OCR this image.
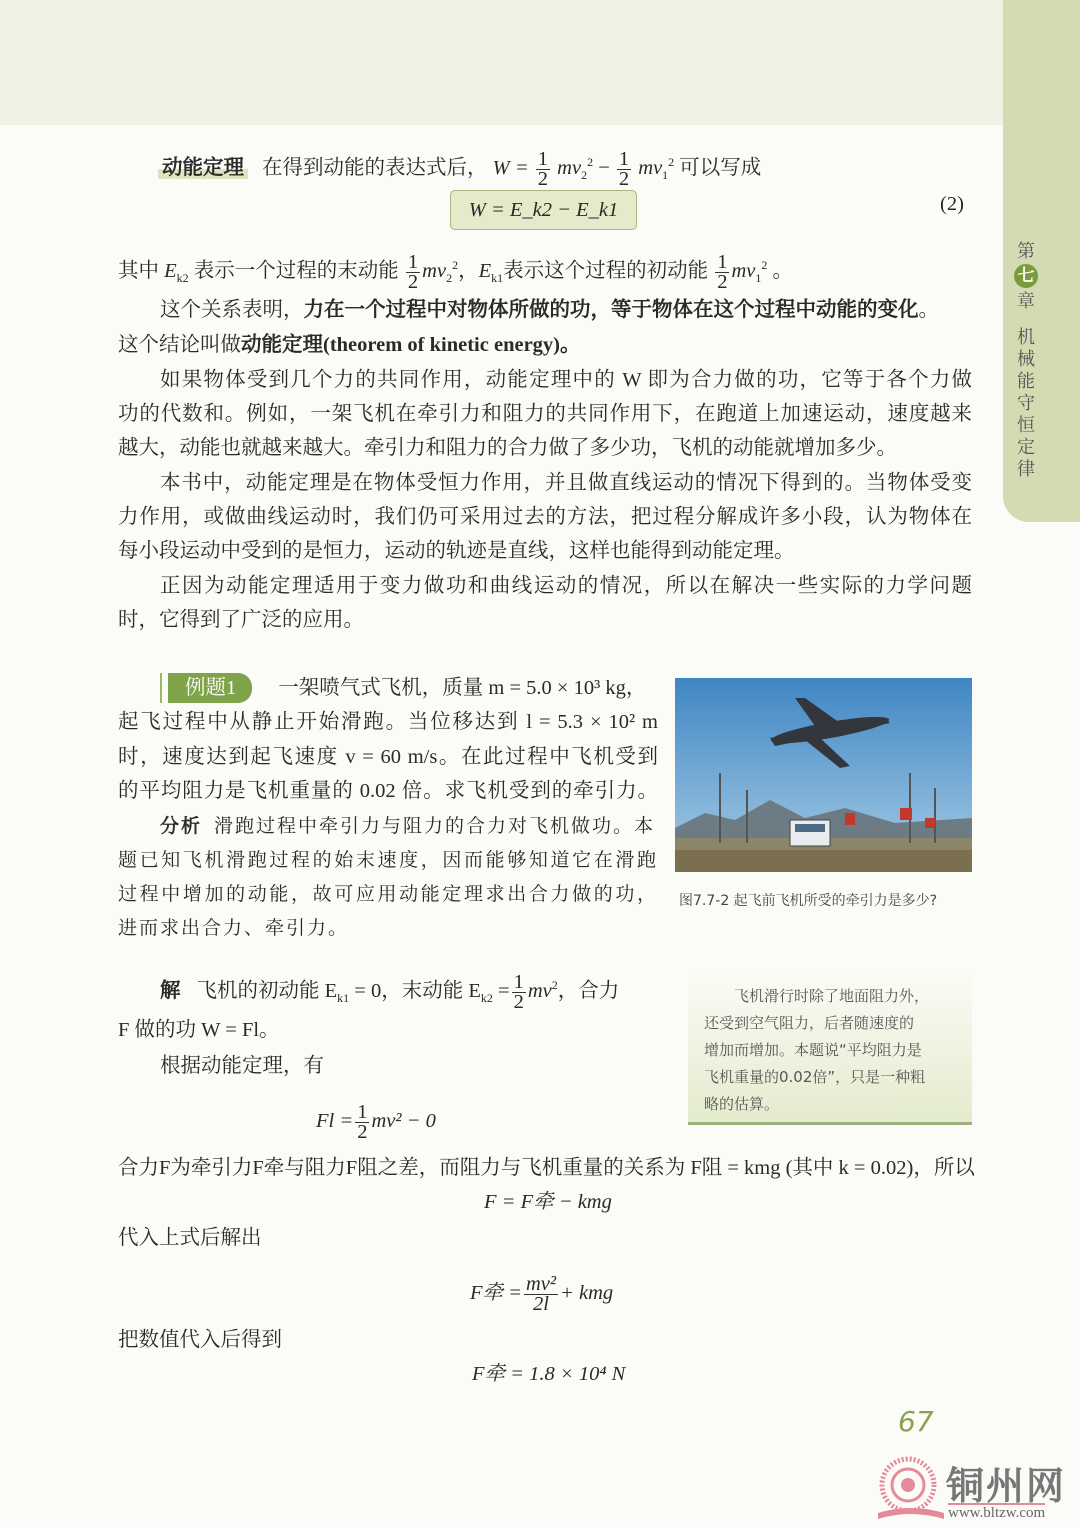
第
七
章
机械能守恒定律
动能定理 在得到动能的表达式后， $W = \frac{1}{2} mv_2^2 - \frac{1}{2} mv_1^2$ 可以写成
W = E_k2 − E_k1	(2)
其中 $E_{k2}$ 表示一个过程的末动能 $\frac{1}{2} mv_2^2$，$E_{k1}$表示这个过程的初动能 $\frac{1}{2} mv_1^2$ 。
这个关系表明，力在一个过程中对物体所做的功，等于物体在这个过程中动能的变化。
这个结论叫做动能定理(theorem of kinetic energy)。
如果物体受到几个力的共同作用，动能定理中的 W 即为合力做的功，它等于各个力做
功的代数和。例如，一架飞机在牵引力和阻力的共同作用下，在跑道上加速运动，速度越来
越大，动能也就越来越大。牵引力和阻力的合力做了多少功，飞机的动能就增加多少。
本书中，动能定理是在物体受恒力作用，并且做直线运动的情况下得到的。当物体受变
力作用，或做曲线运动时，我们仍可采用过去的方法，把过程分解成许多小段，认为物体在
每小段运动中受到的是恒力，运动的轨迹是直线，这样也能得到动能定理。
正因为动能定理适用于变力做功和曲线运动的情况，所以在解决一些实际的力学问题
时，它得到了广泛的应用。
例题1 一架喷气式飞机，质量 m = 5.0 × 10³ kg，
起飞过程中从静止开始滑跑。当位移达到 l = 5.3 × 10² m
时，速度达到起飞速度 v = 60 m/s。在此过程中飞机受到
的平均阻力是飞机重量的 0.02 倍。求飞机受到的牵引力。
分析 滑跑过程中牵引力与阻力的合力对飞机做功。本
题已知飞机滑跑过程的始末速度，因而能够知道它在滑跑
过程中增加的动能，故可应用动能定理求出合力做的功，
进而求出合力、牵引力。
图7.7-2 起飞前飞机所受的牵引力是多少?
飞机滑行时除了地面阻力外，
还受到空气阻力，后者随速度的
增加而增加。本题说“平均阻力是
飞机重量的0.02倍”，只是一种粗
略的估算。
解 飞机的初动能 $E_{k1} = 0$，末动能 $E_{k2} = \frac{1}{2} mv^2$，合力
F 做的功 W = Fl。
根据动能定理，有
$Fl = \frac{1}{2} mv^2 - 0$
合力F为牵引力F牵与阻力F阻之差，而阻力与飞机重量的关系为 F阻 = kmg (其中 k = 0.02)，所以
F = F牵 − kmg
代入上式后解出
F牵 = $\frac{\text{mv²}}{2l}$ + kmg
把数值代入后得到
F牵 = 1.8 × 10⁴ N
67
铜州网
www.bltzw.com
